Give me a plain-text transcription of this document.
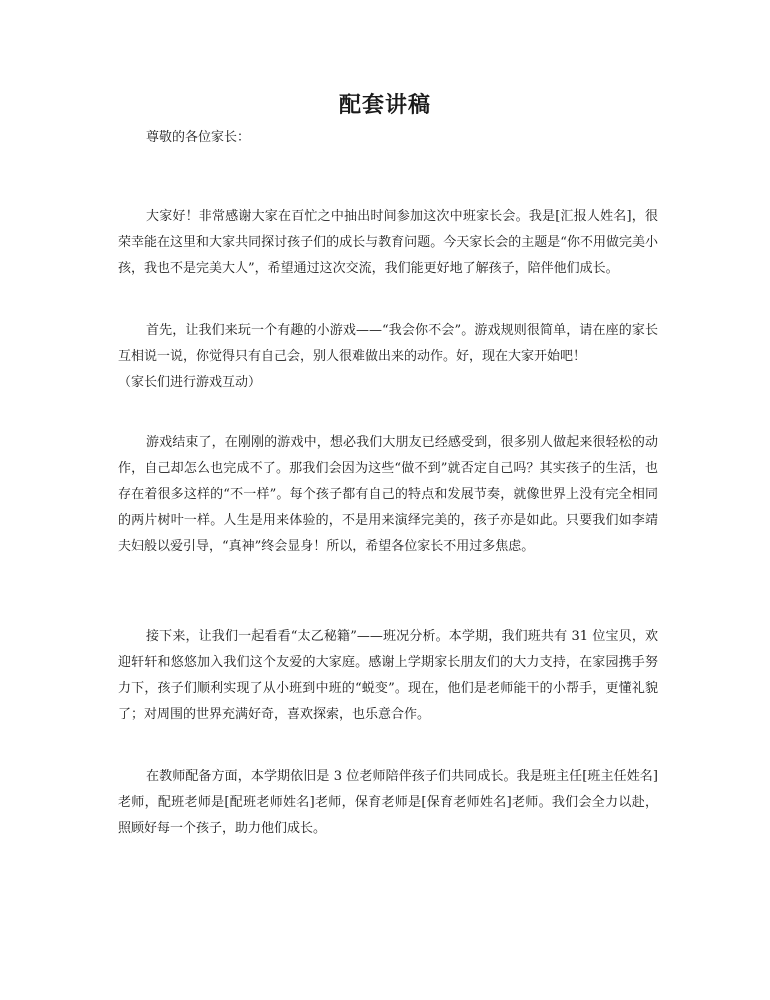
配套讲稿
尊敬的各位家长：

大家好！非常感谢大家在百忙之中抽出时间参加这次中班家长会。我是[汇报人姓名]，很荣幸能在这里和大家共同探讨孩子们的成长与教育问题。今天家长会的主题是“你不用做完美小孩，我也不是完美大人”，希望通过这次交流，我们能更好地了解孩子，陪伴他们成长。

首先，让我们来玩一个有趣的小游戏——“我会你不会”。游戏规则很简单，请在座的家长互相说一说，你觉得只有自己会，别人很难做出来的动作。好，现在大家开始吧！
（家长们进行游戏互动）

游戏结束了，在刚刚的游戏中，想必我们大朋友已经感受到，很多别人做起来很轻松的动作，自己却怎么也完成不了。那我们会因为这些“做不到”就否定自己吗？其实孩子的生活，也存在着很多这样的“不一样”。每个孩子都有自己的特点和发展节奏，就像世界上没有完全相同的两片树叶一样。人生是用来体验的，不是用来演绎完美的，孩子亦是如此。只要我们如李靖夫妇般以爱引导，“真神”终会显身！所以，希望各位家长不用过多焦虑。

接下来，让我们一起看看“太乙秘籍”——班况分析。本学期，我们班共有 31 位宝贝，欢迎轩轩和悠悠加入我们这个友爱的大家庭。感谢上学期家长朋友们的大力支持，在家园携手努力下，孩子们顺利实现了从小班到中班的“蜕变”。现在，他们是老师能干的小帮手，更懂礼貌了；对周围的世界充满好奇，喜欢探索，也乐意合作。

在教师配备方面，本学期依旧是 3 位老师陪伴孩子们共同成长。我是班主任[班主任姓名]老师，配班老师是[配班老师姓名]老师，保育老师是[保育老师姓名]老师。我们会全力以赴，照顾好每一个孩子，助力他们成长。
